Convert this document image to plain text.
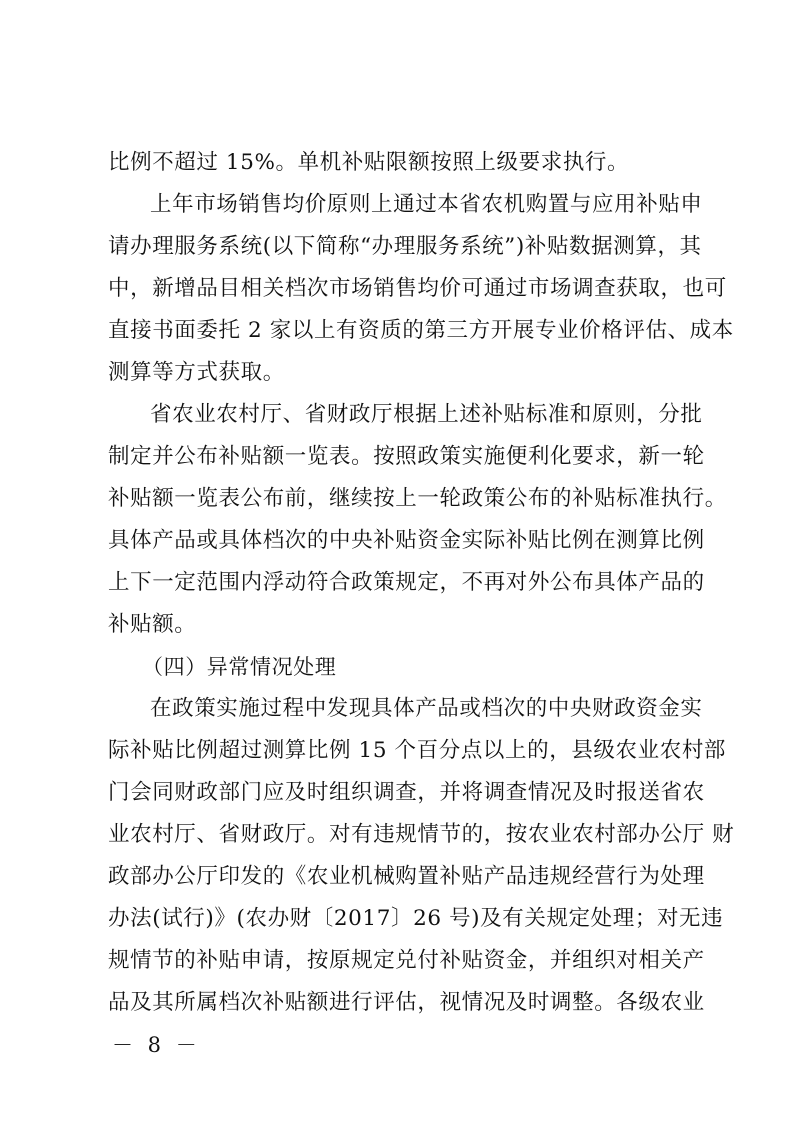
比例不超过 15%。单机补贴限额按照上级要求执行。
上年市场销售均价原则上通过本省农机购置与应用补贴申
请办理服务系统(以下简称“办理服务系统”)补贴数据测算，其
中，新增品目相关档次市场销售均价可通过市场调查获取，也可
直接书面委托 2 家以上有资质的第三方开展专业价格评估、成本
测算等方式获取。
省农业农村厅、省财政厅根据上述补贴标准和原则，分批
制定并公布补贴额一览表。按照政策实施便利化要求，新一轮
补贴额一览表公布前，继续按上一轮政策公布的补贴标准执行。
具体产品或具体档次的中央补贴资金实际补贴比例在测算比例
上下一定范围内浮动符合政策规定，不再对外公布具体产品的
补贴额。
（四）异常情况处理
在政策实施过程中发现具体产品或档次的中央财政资金实
际补贴比例超过测算比例 15 个百分点以上的，县级农业农村部
门会同财政部门应及时组织调查，并将调查情况及时报送省农
业农村厅、省财政厅。对有违规情节的，按农业农村部办公厅 财
政部办公厅印发的《农业机械购置补贴产品违规经营行为处理
办法(试行)》(农办财〔2017〕26 号)及有关规定处理；对无违
规情节的补贴申请，按原规定兑付补贴资金，并组织对相关产
品及其所属档次补贴额进行评估，视情况及时调整。各级农业
－ 8 －
